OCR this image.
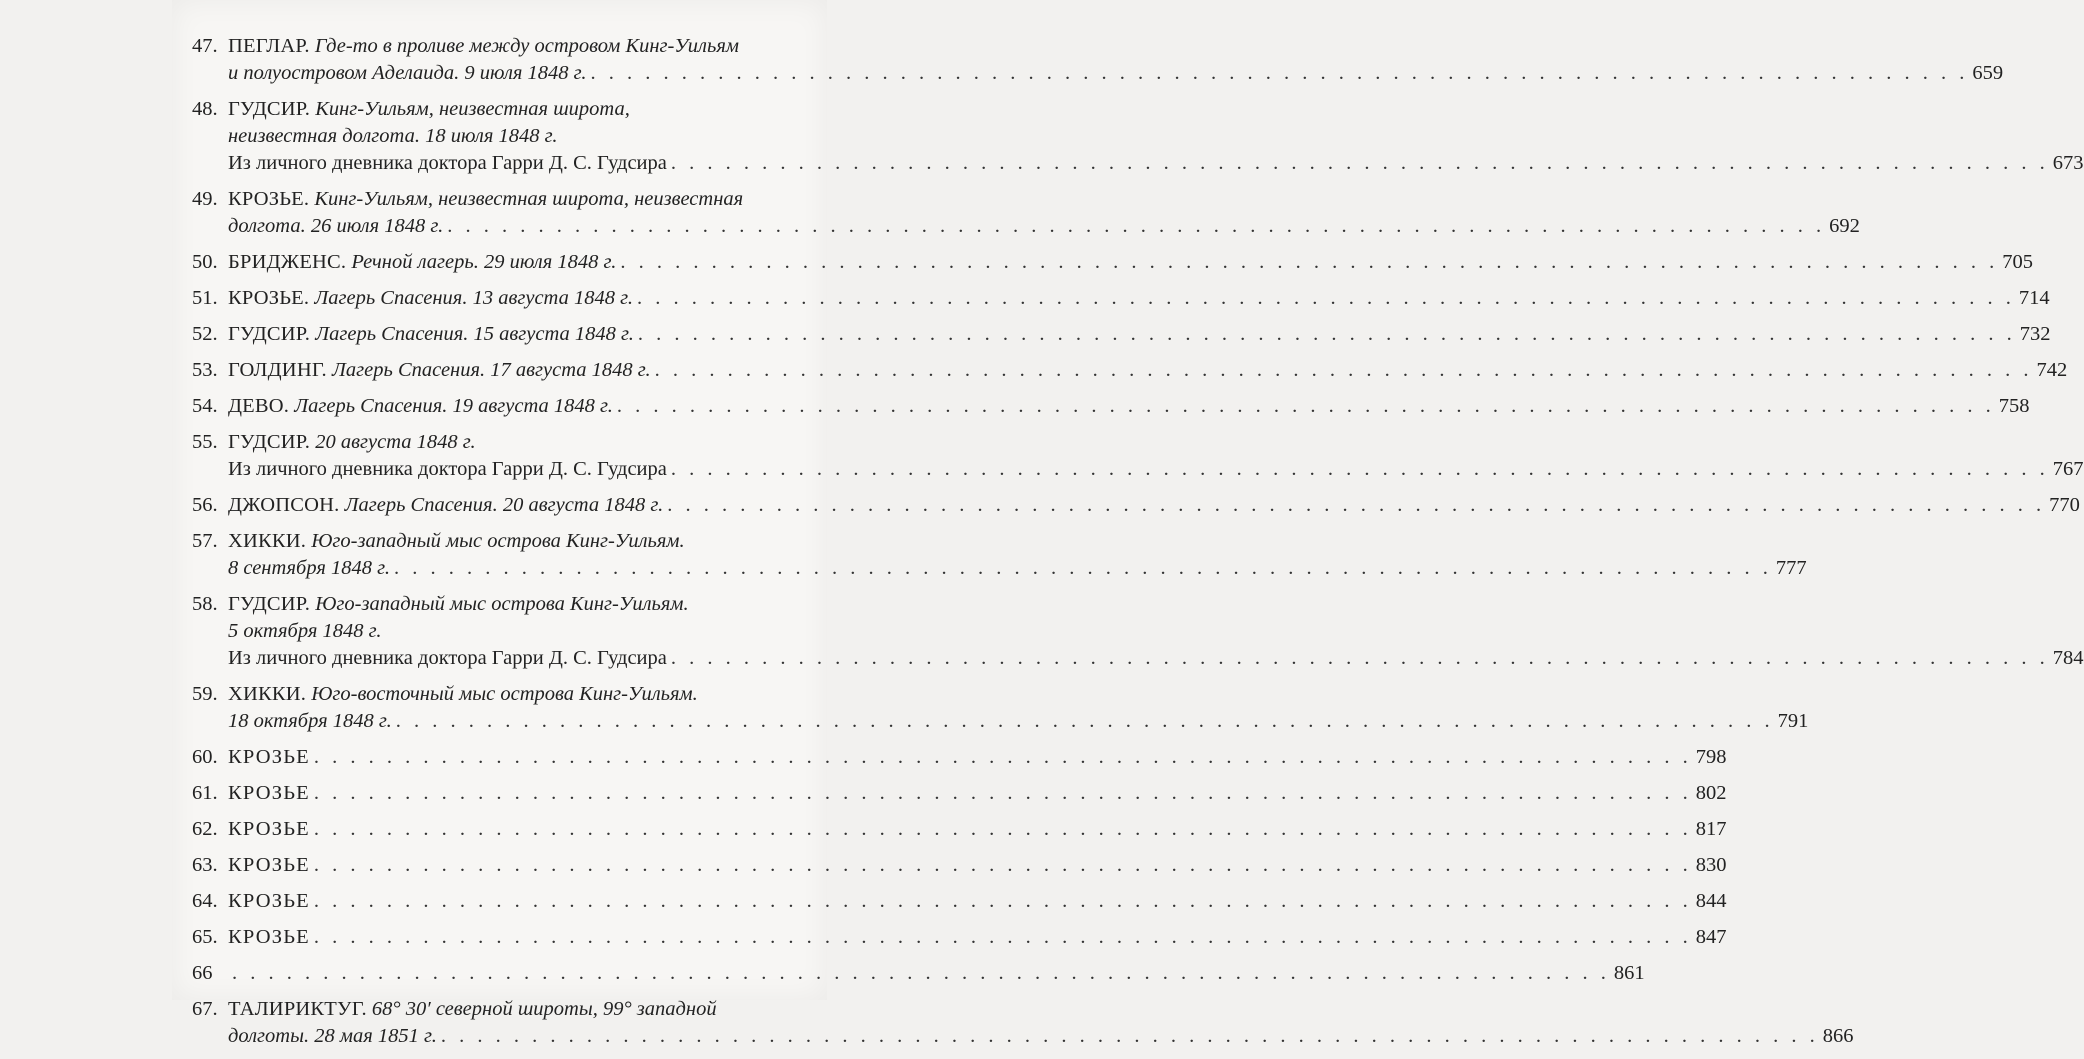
47. ПЕГЛАР.
Где-то в проливе между островом Кинг-Уильям
и полуостровом Аделаида. 9 июля 1848 г. . . .	659
48. ГУДСИР.
Кинг-Уильям, неизвестная широта,
неизвестная долгота. 18 июля 1848 г.
Из личного дневника доктора Гарри Д. С. Гудсира . . .	673
49. КРОЗЬЕ.
Кинг-Уильям, неизвестная широта, неизвестная
долгота. 26 июля 1848 г. . . .	692
50. БРИДЖЕНС.
Речной лагерь. 29 июля 1848 г. . . .	705
51. КРОЗЬЕ.
Лагерь Спасения. 13 августа 1848 г. . . .	714
52. ГУДСИР.
Лагерь Спасения. 15 августа 1848 г. . . .	732
53. ГОЛДИНГ.
Лагерь Спасения. 17 августа 1848 г. . . .	742
54. ДЕВО.
Лагерь Спасения. 19 августа 1848 г. . . .	758
55. ГУДСИР.
20 августа 1848 г.
Из личного дневника доктора Гарри Д. С. Гудсира . . .	767
56. ДЖОПСОН.
Лагерь Спасения. 20 августа 1848 г. . . .	770
57. ХИККИ.
Юго-западный мыс острова Кинг-Уильям.
8 сентября 1848 г. . . .	777
58. ГУДСИР.
Юго-западный мыс острова Кинг-Уильям.
5 октября 1848 г.
Из личного дневника доктора Гарри Д. С. Гудсира . . .	784
59. ХИККИ.
Юго-восточный мыс острова Кинг-Уильям.
18 октября 1848 г. . . .	791
60. КРОЗЬЕ . . .	798
61. КРОЗЬЕ . . .	802
62. КРОЗЬЕ . . .	817
63. КРОЗЬЕ . . .	830
64. КРОЗЬЕ . . .	844
65. КРОЗЬЕ . . .	847
66 . . .	861
67. ТАЛИРИКТУГ.
68° 30′ северной широты, 99° западной
долготы. 28 мая 1851 г. . . .	866
